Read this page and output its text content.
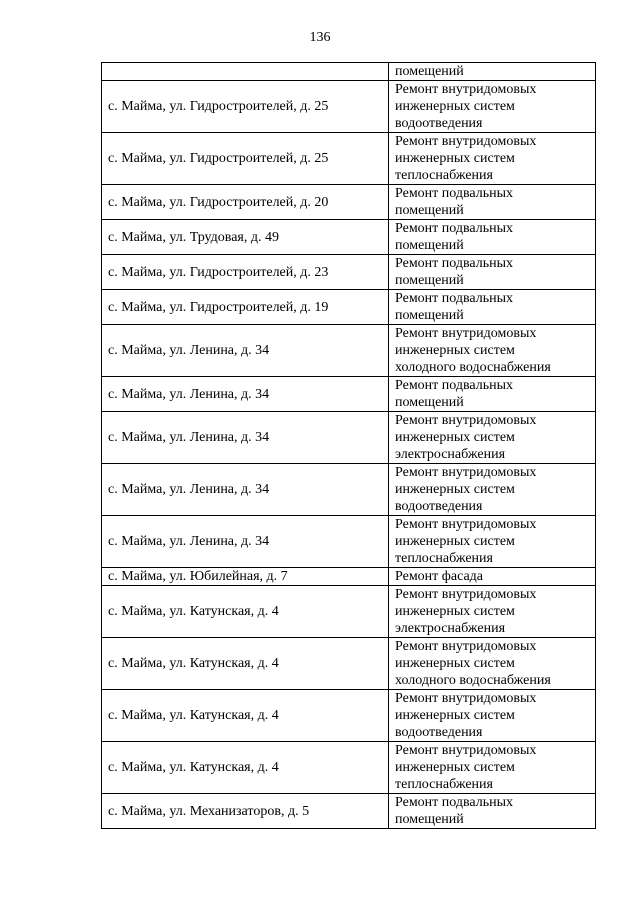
136

	помещений

с. Майма, ул. Гидростроителей, д. 25	Ремонт внутридомовых
инженерных систем
водоотведения

с. Майма, ул. Гидростроителей, д. 25	Ремонт внутридомовых
инженерных систем
теплоснабжения

с. Майма, ул. Гидростроителей, д. 20	Ремонт подвальных
помещений

с. Майма, ул. Трудовая, д. 49	Ремонт подвальных
помещений

с. Майма, ул. Гидростроителей, д. 23	Ремонт подвальных
помещений

с. Майма, ул. Гидростроителей, д. 19	Ремонт подвальных
помещений

с. Майма, ул. Ленина, д. 34	Ремонт внутридомовых
инженерных систем
холодного водоснабжения

с. Майма, ул. Ленина, д. 34	Ремонт подвальных
помещений

с. Майма, ул. Ленина, д. 34	Ремонт внутридомовых
инженерных систем
электроснабжения

с. Майма, ул. Ленина, д. 34	Ремонт внутридомовых
инженерных систем
водоотведения

с. Майма, ул. Ленина, д. 34	Ремонт внутридомовых
инженерных систем
теплоснабжения

с. Майма, ул. Юбилейная, д. 7	Ремонт фасада

с. Майма, ул. Катунская, д. 4	Ремонт внутридомовых
инженерных систем
электроснабжения

с. Майма, ул. Катунская, д. 4	Ремонт внутридомовых
инженерных систем
холодного водоснабжения

с. Майма, ул. Катунская, д. 4	Ремонт внутридомовых
инженерных систем
водоотведения

с. Майма, ул. Катунская, д. 4	Ремонт внутридомовых
инженерных систем
теплоснабжения

с. Майма, ул. Механизаторов, д. 5	Ремонт подвальных
помещений
